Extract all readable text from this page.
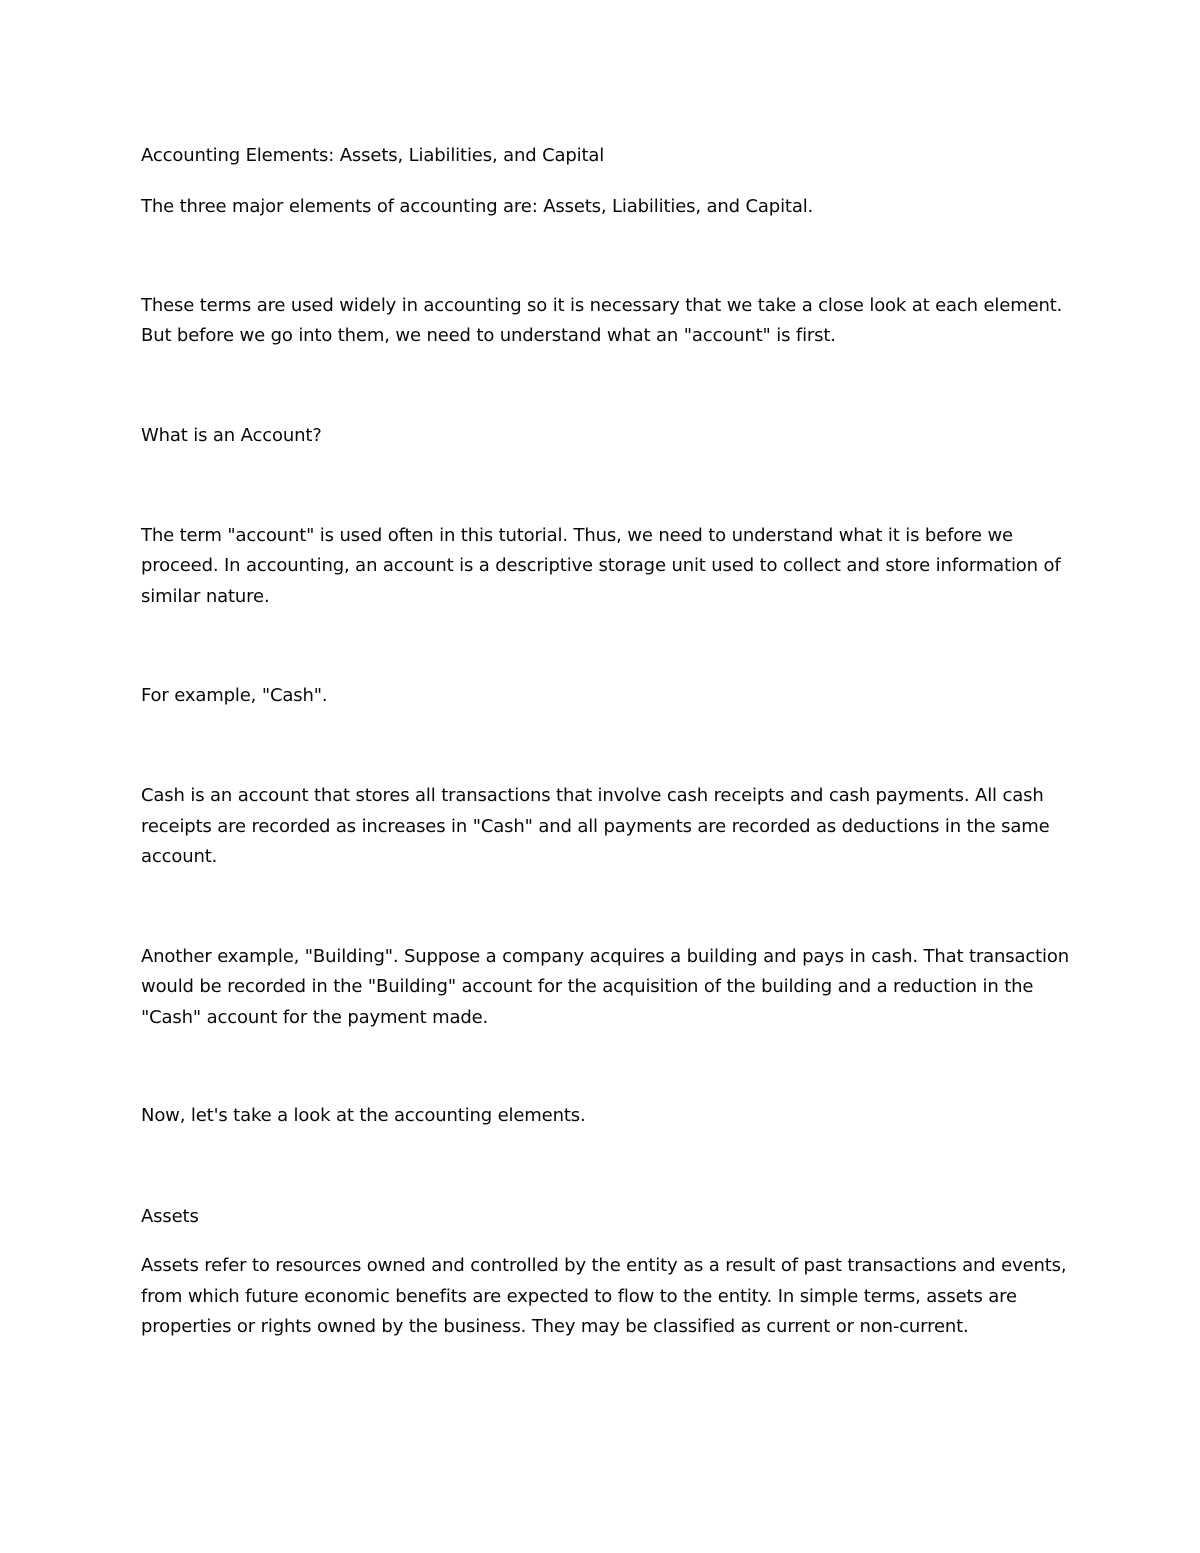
Accounting Elements: Assets, Liabilities, and Capital

The three major elements of accounting are: Assets, Liabilities, and Capital.

These terms are used widely in accounting so it is necessary that we take a close look at each element.

But before we go into them, we need to understand what an "account" is first.

What is an Account?

The term "account" is used often in this tutorial. Thus, we need to understand what it is before we

proceed. In accounting, an account is a descriptive storage unit used to collect and store information of

similar nature.

For example, "Cash".

Cash is an account that stores all transactions that involve cash receipts and cash payments. All cash

receipts are recorded as increases in "Cash" and all payments are recorded as deductions in the same

account.

Another example, "Building". Suppose a company acquires a building and pays in cash. That transaction

would be recorded in the "Building" account for the acquisition of the building and a reduction in the

"Cash" account for the payment made.

Now, let's take a look at the accounting elements.

Assets

Assets refer to resources owned and controlled by the entity as a result of past transactions and events,

from which future economic benefits are expected to flow to the entity. In simple terms, assets are

properties or rights owned by the business. They may be classified as current or non-current.
